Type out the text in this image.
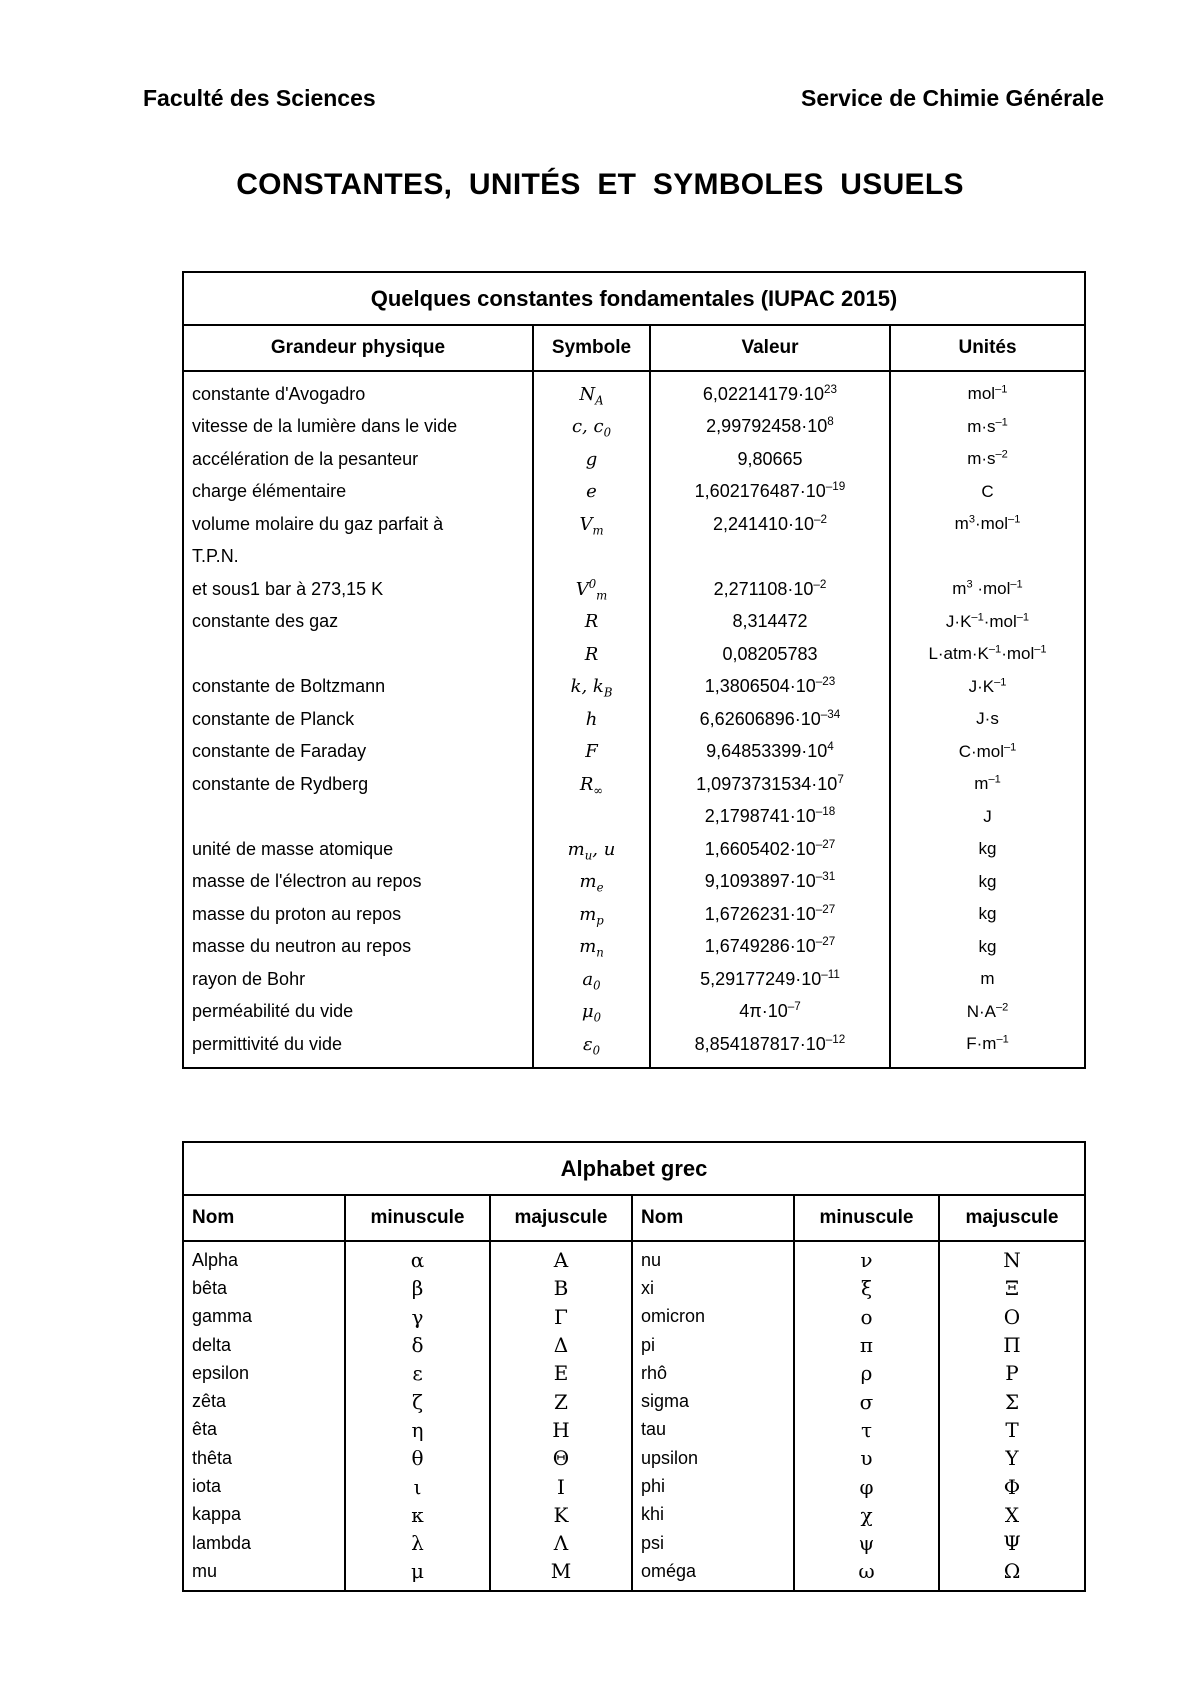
Faculté des Sciences	Service de Chimie Générale
CONSTANTES, UNITÉS ET SYMBOLES USUELS
Quelques constantes fondamentales (IUPAC 2015)			
Grandeur physique	Symbole	Valeur	Unités
constante d'Avogadro	$N_A$	$6,02214179\cdot 10^{23}$	mol$^{-1}$
vitesse de la lumière dans le vide	c, $c_0$	$2,99792458\cdot 10^8$	$m\cdot s^{-1}$
accélération de la pesanteur	g	9,80665	$m\cdot s^{-2}$
charge élémentaire	e	$1,602176487\cdot 10^{-19}$	C
volume molaire du gaz parfait à	$V_m$	$2,241410\cdot 10^{-2}$	$m^3\cdot mol^{-1}$
T.P.N.			
et sous1 bar à 273,15 K	$V^0_m$	$2,271108\cdot 10^{-2}$	$m^3 \cdot mol^{-1}$
constante des gaz	R	8,314472	$J\cdot K^{-1}\cdot mol^{-1}$
	R	0,08205783	$L\cdot atm\cdot K^{-1}\cdot mol^{-1}$
constante de Boltzmann	k, $k_B$	$1,3806504\cdot 10^{-23}$	$J\cdot K^{-1}$
constante de Planck	h	$6,62606896\cdot 10^{-34}$	J·s
constante de Faraday	F	$9,64853399\cdot 10^4$	C·mol$^{-1}$
constante de Rydberg	$R_\infty$	$1,0973731534\cdot 10^7$	$m^{-1}$
		$2,1798741\cdot 10^{-18}$	J
unité de masse atomique	$m_u$, u	$1,6605402\cdot 10^{-27}$	kg
masse de l'électron au repos	$m_e$	$9,1093897\cdot 10^{-31}$	kg
masse du proton au repos	$m_p$	$1,6726231\cdot 10^{-27}$	kg
masse du neutron au repos	$m_n$	$1,6749286\cdot 10^{-27}$	kg
rayon de Bohr	$a_0$	$5,29177249\cdot 10^{-11}$	m
perméabilité du vide	$\mu_0$	$4\pi\cdot 10^{-7}$	$N\cdot A^{-2}$
permittivité du vide	$\varepsilon_0$	$8,854187817\cdot 10^{-12}$	$F\cdot m^{-1}$
Alphabet grec					
Nom	minuscule	majuscule	Nom	minuscule	majuscule
Alpha	α	Α	nu	ν	Ν
bêta	β	Β	xi	ξ	Ξ
gamma	γ	Γ	omicron	ο	Ο
delta	δ	Δ	pi	π	Π
epsilon	ε	Ε	rhô	ρ	Ρ
zêta	ζ	Ζ	sigma	σ	Σ
êta	η	Η	tau	τ	Τ
thêta	θ	Θ	upsilon	υ	Υ
iota	ι	Ι	phi	φ	Φ
kappa	κ	Κ	khi	χ	Χ
lambda	λ	Λ	psi	ψ	Ψ
mu	μ	Μ	oméga	ω	Ω
